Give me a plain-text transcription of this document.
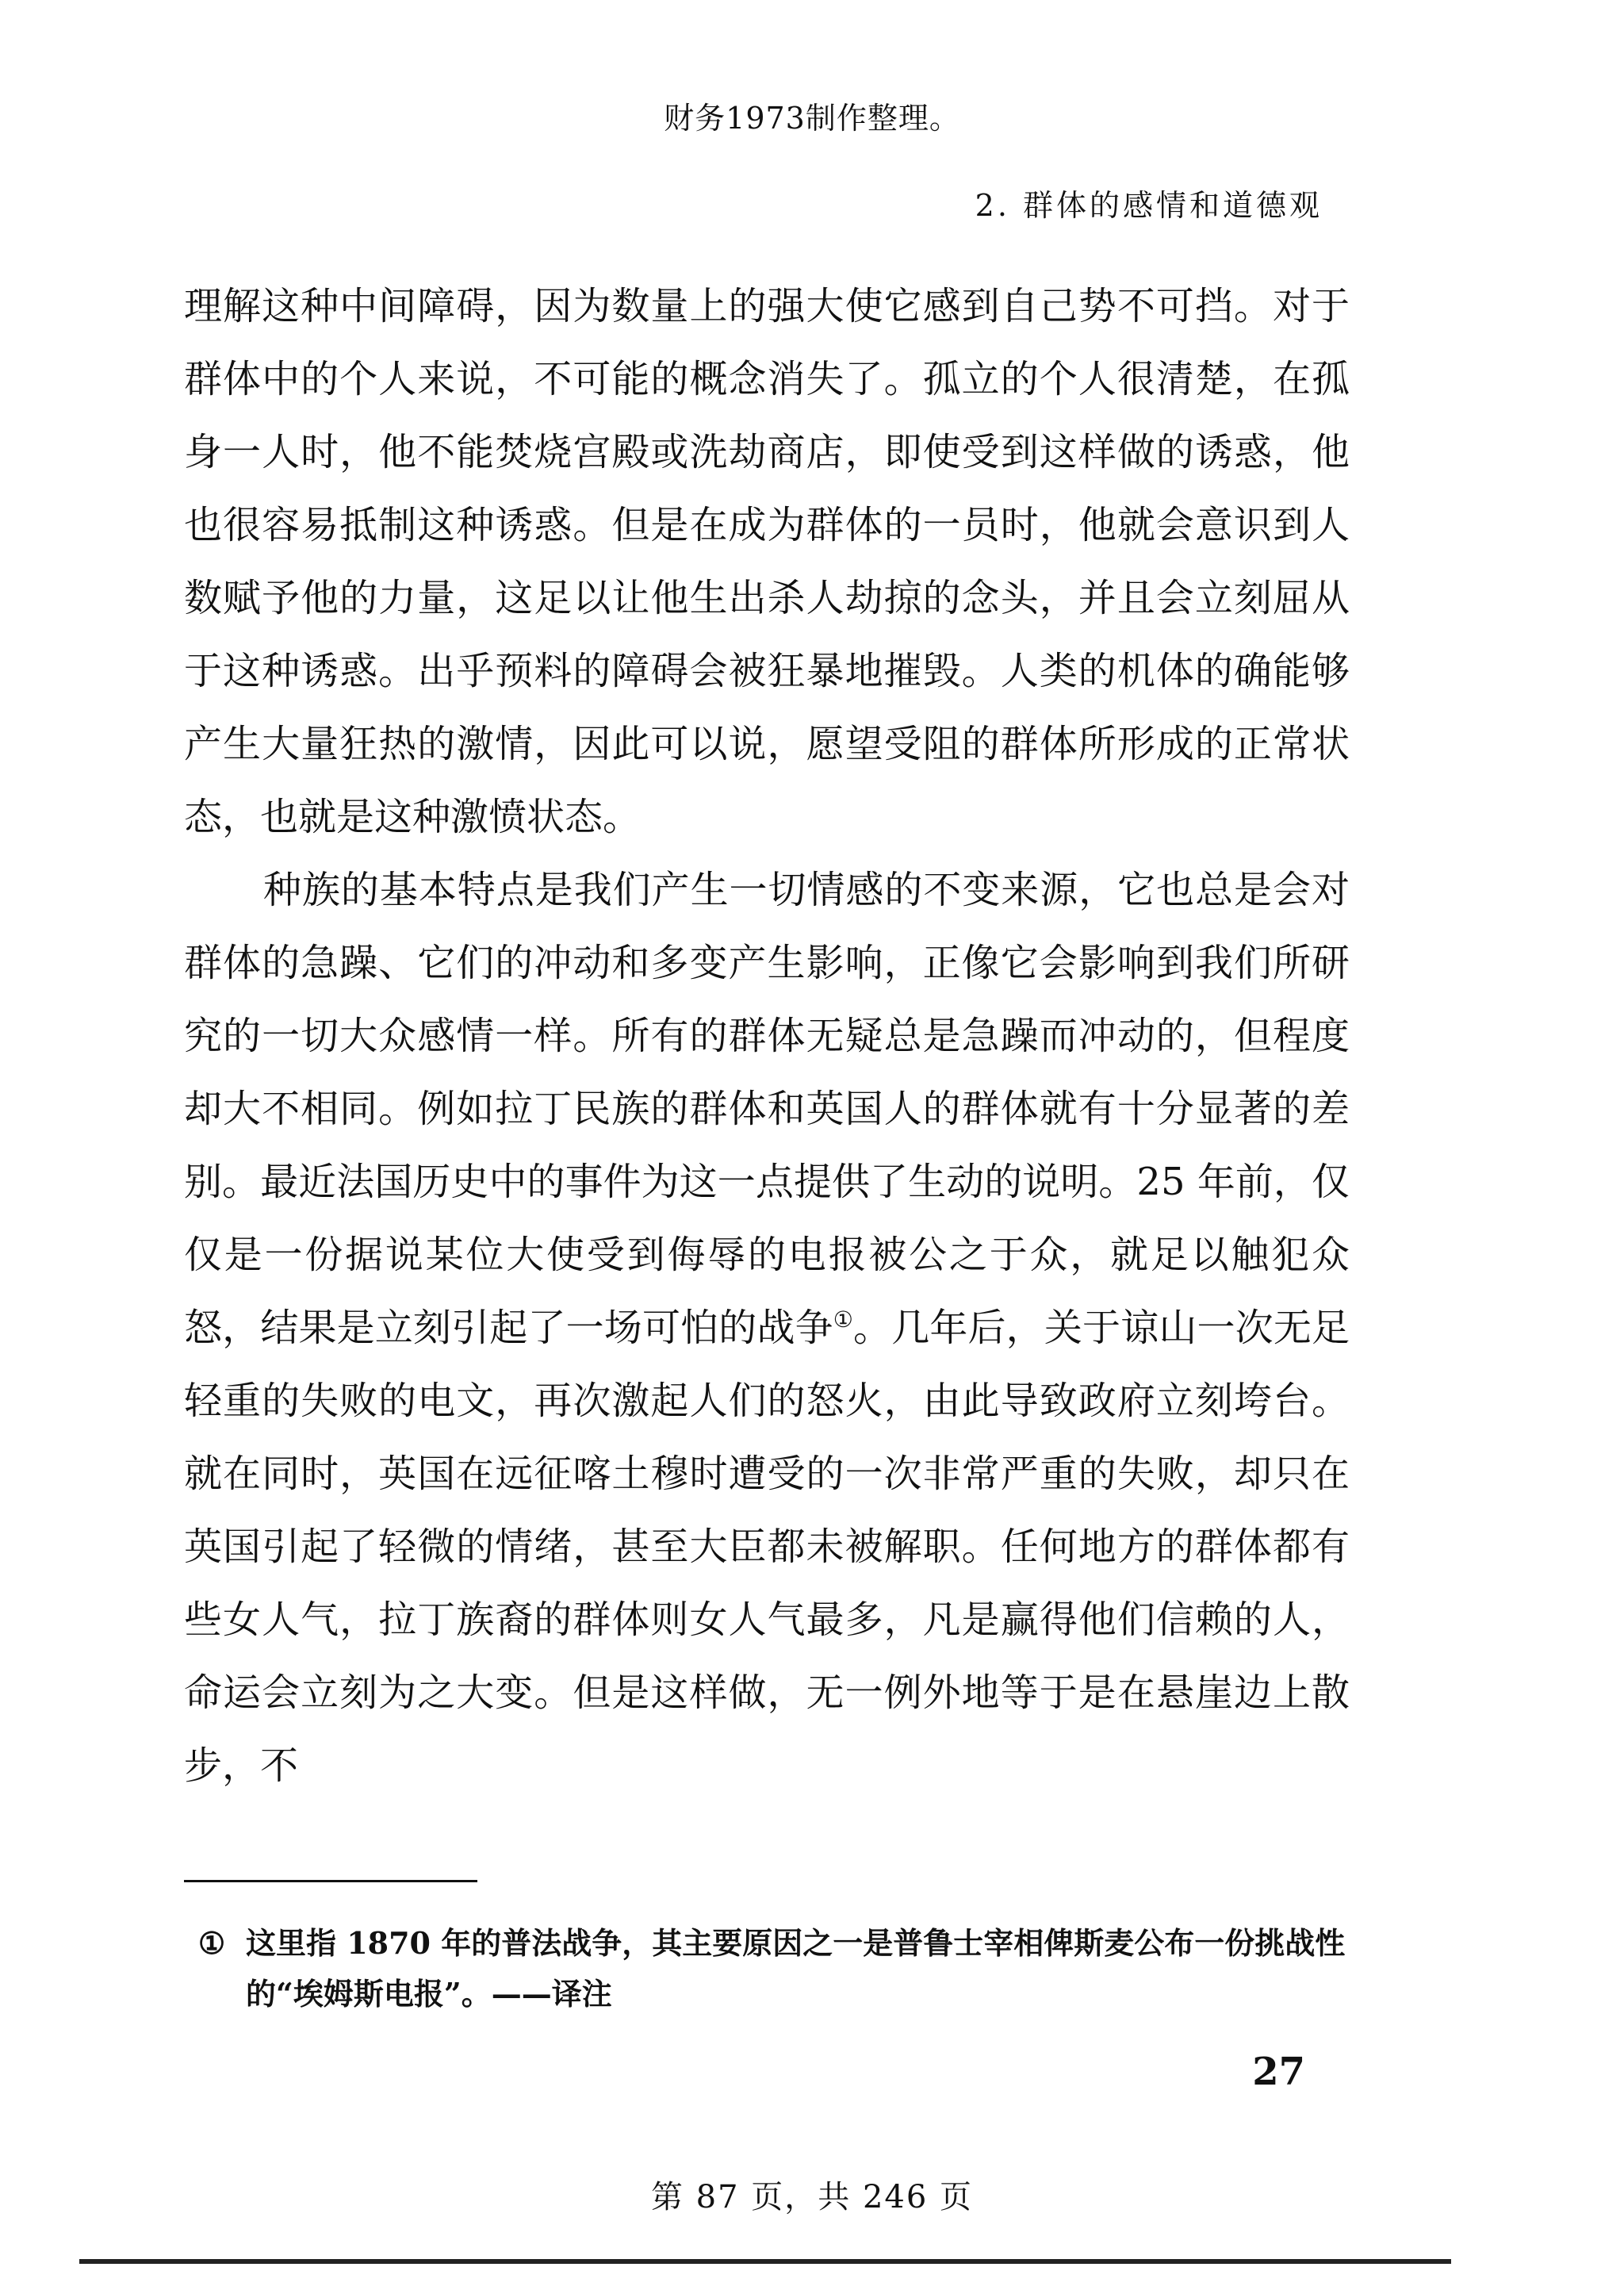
财务1973制作整理。
2. 群体的感情和道德观

理解这种中间障碍，因为数量上的强大使它感到自己势不可挡。对于群体中的个人来说，不可能的概念消失了。孤立的个人很清楚，在孤身一人时，他不能焚烧宫殿或洗劫商店，即使受到这样做的诱惑，他也很容易抵制这种诱惑。但是在成为群体的一员时，他就会意识到人数赋予他的力量，这足以让他生出杀人劫掠的念头，并且会立刻屈从于这种诱惑。出乎预料的障碍会被狂暴地摧毁。人类的机体的确能够产生大量狂热的激情，因此可以说，愿望受阻的群体所形成的正常状态，也就是这种激愤状态。

种族的基本特点是我们产生一切情感的不变来源，它也总是会对群体的急躁、它们的冲动和多变产生影响，正像它会影响到我们所研究的一切大众感情一样。所有的群体无疑总是急躁而冲动的，但程度却大不相同。例如拉丁民族的群体和英国人的群体就有十分显著的差别。最近法国历史中的事件为这一点提供了生动的说明。25 年前，仅仅是一份据说某位大使受到侮辱的电报被公之于众，就足以触犯众怒，结果是立刻引起了一场可怕的战争①。几年后，关于谅山一次无足轻重的失败的电文，再次激起人们的怒火，由此导致政府立刻垮台。就在同时，英国在远征喀土穆时遭受的一次非常严重的失败，却只在英国引起了轻微的情绪，甚至大臣都未被解职。任何地方的群体都有些女人气，拉丁族裔的群体则女人气最多，凡是赢得他们信赖的人，命运会立刻为之大变。但是这样做，无一例外地等于是在悬崖边上散步，不

① 这里指 1870 年的普法战争，其主要原因之一是普鲁士宰相俾斯麦公布一份挑战性的“埃姆斯电报”。——译注
27
第 87 页，共 246 页
